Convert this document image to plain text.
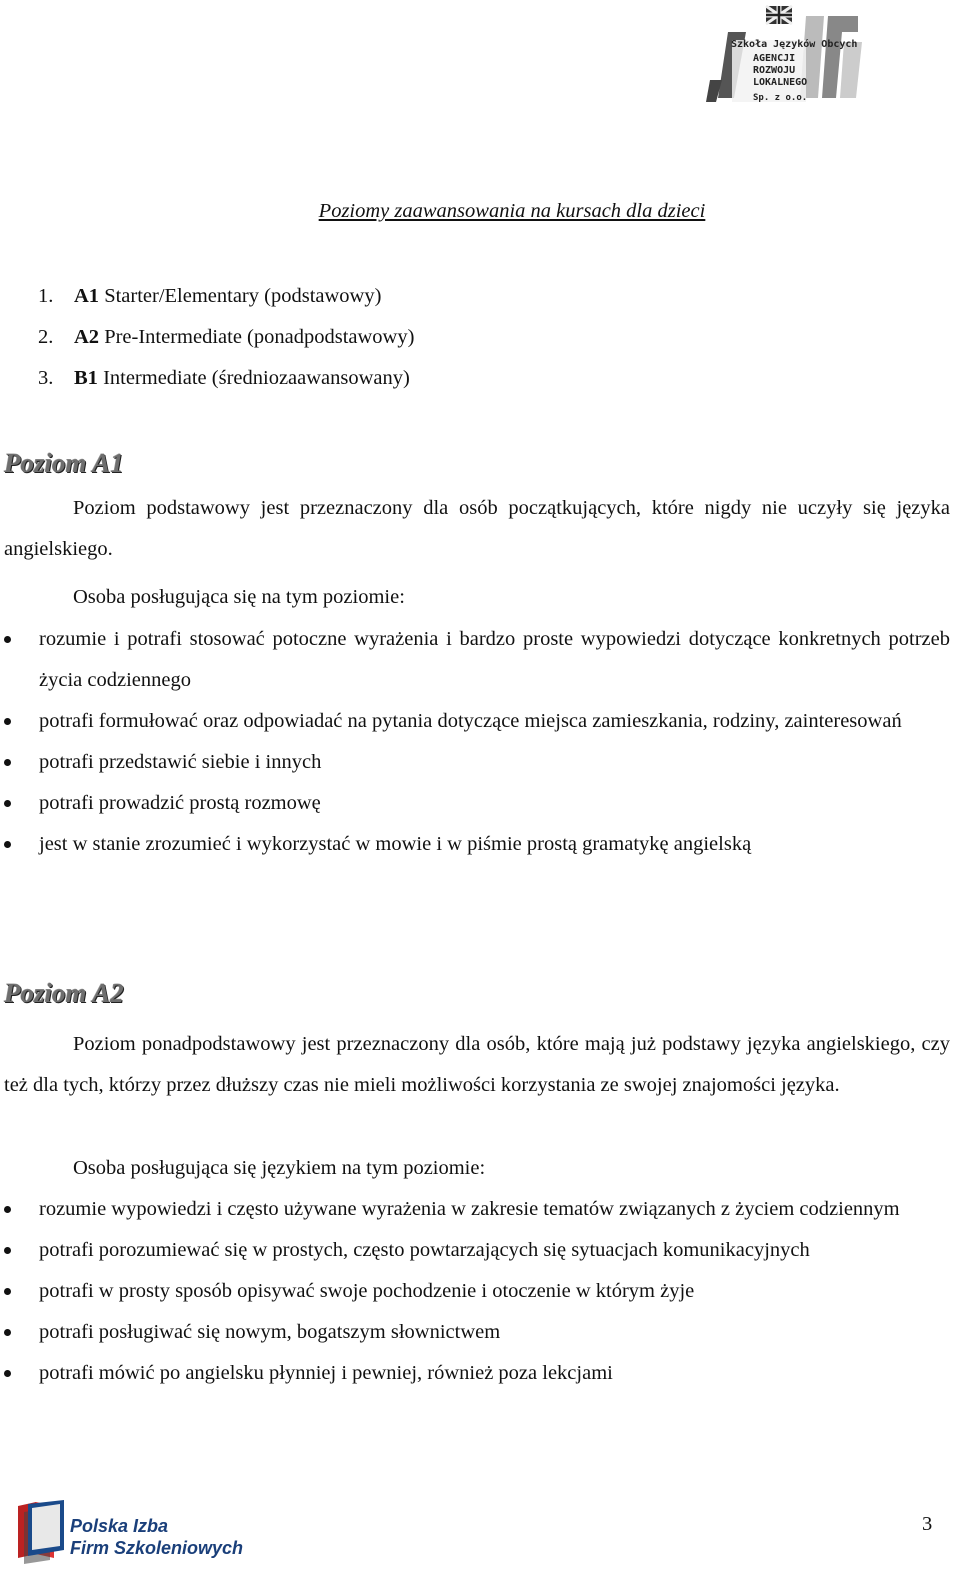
Szkoła Języków Obcych
AGENCJI
ROZWOJU
LOKALNEGO
Sp. z o.o.
Poziomy zaawansowania na kursach dla dzieci
1. A1 Starter/Elementary (podstawowy)
2. A2 Pre-Intermediate (ponadpodstawowy)
3. B1 Intermediate (średniozaawansowany)
Poziom A1

Poziom podstawowy jest przeznaczony dla osób początkujących, które nigdy nie uczyły się języka angielskiego.

Osoba posługująca się na tym poziomie:
rozumie i potrafi stosować potoczne wyrażenia i bardzo proste wypowiedzi dotyczące konkretnych potrzeb życia codziennego
potrafi formułować oraz odpowiadać na pytania dotyczące miejsca zamieszkania, rodziny, zainteresowań
potrafi przedstawić siebie i innych
potrafi prowadzić prostą rozmowę
jest w stanie zrozumieć i wykorzystać w mowie i w piśmie prostą gramatykę angielską
Poziom A2

Poziom ponadpodstawowy jest przeznaczony dla osób, które mają już podstawy języka angielskiego, czy też dla tych, którzy przez dłuższy czas nie mieli możliwości korzystania ze swojej znajomości języka.

Osoba posługująca się językiem na tym poziomie:
rozumie wypowiedzi i często używane wyrażenia w zakresie tematów związanych z życiem codziennym
potrafi porozumiewać się w prostych, często powtarzających się sytuacjach komunikacyjnych
potrafi w prosty sposób opisywać swoje pochodzenie i otoczenie w którym żyje
potrafi posługiwać się nowym, bogatszym słownictwem
potrafi mówić po angielsku płynniej i pewniej, również poza lekcjami
Polska Izba
Firm Szkoleniowych
3
